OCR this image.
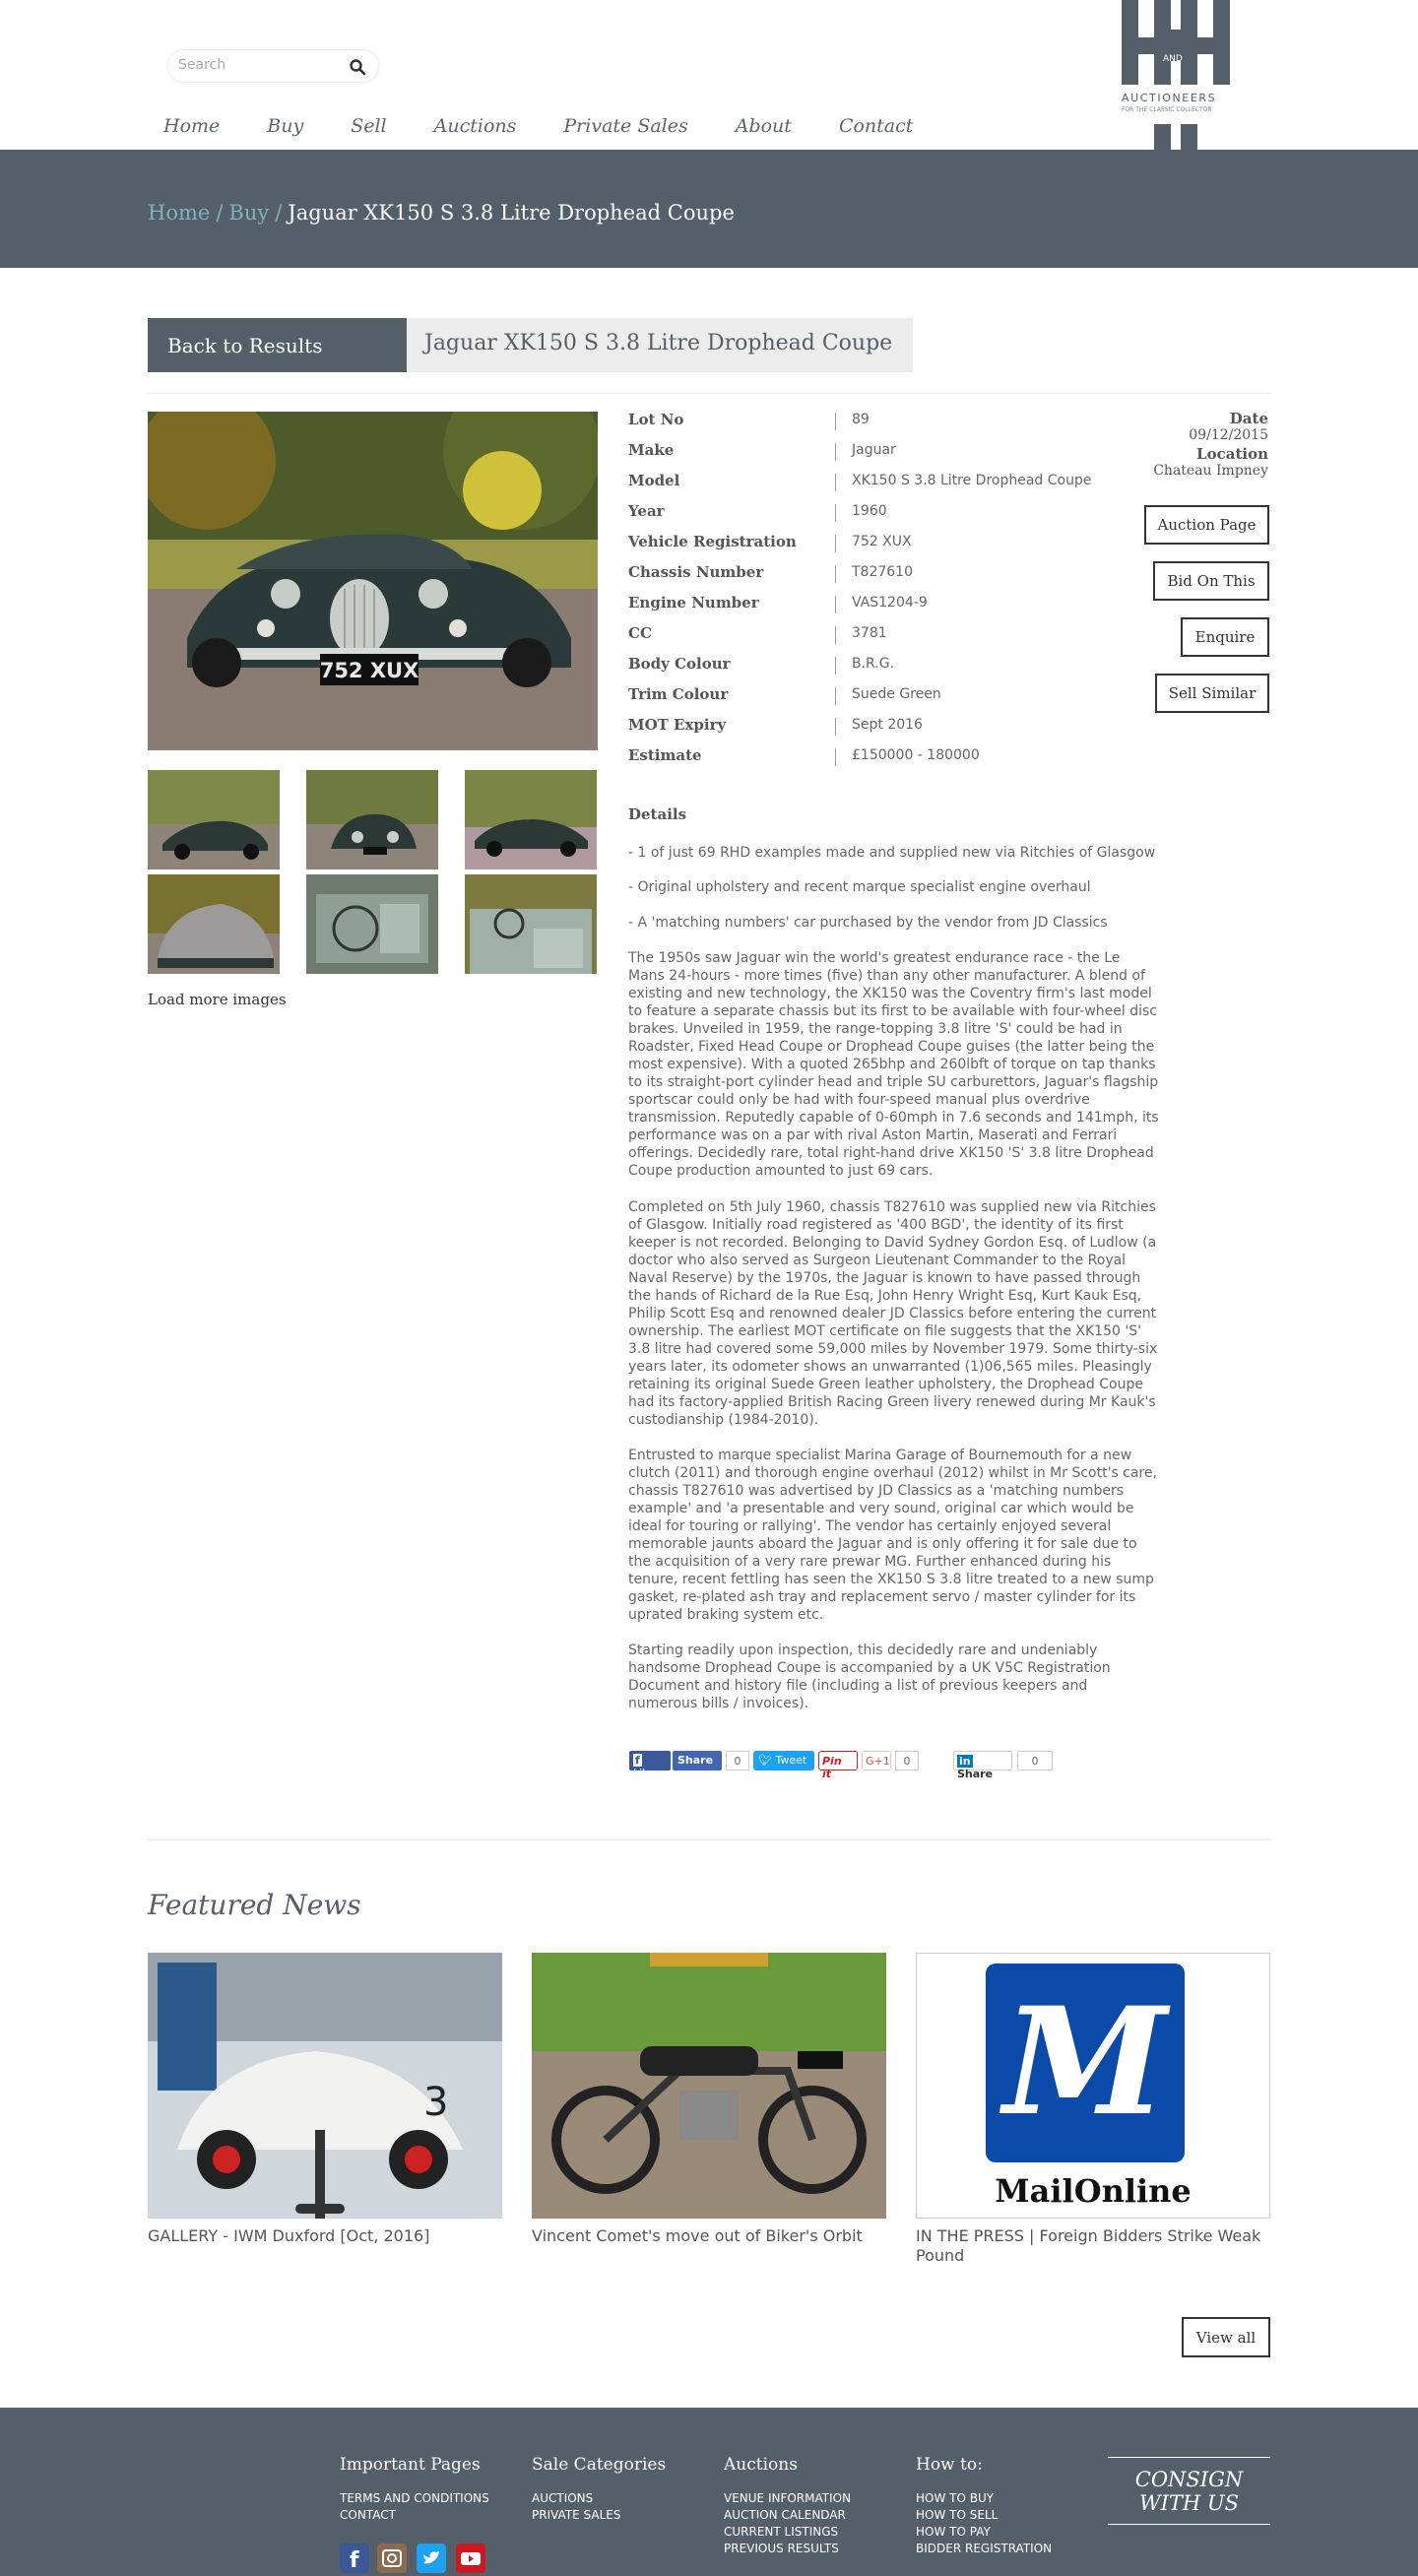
Search
AND
AUCTIONEERS
FOR THE CLASSIC COLLECTOR
Home	Buy	Sell	Auctions	Private Sales	About	Contact
Home / Buy / Jaguar XK150 S 3.8 Litre Drophead Coupe
Back to Results	Jaguar XK150 S 3.8 Litre Drophead Coupe
752 XUX
Load more images
Lot No	89
Make	Jaguar
Model	XK150 S 3.8 Litre Drophead Coupe
Year	1960
Vehicle Registration	752 XUX
Chassis Number	T827610
Engine Number	VAS1204-9
CC	3781
Body Colour	B.R.G.
Trim Colour	Suede Green
MOT Expiry	Sept 2016
Estimate	£150000 - 180000
Date
09/12/2015
Location
Chateau Impney
Auction Page
Bid On This
Enquire
Sell Similar
Details
- 1 of just 69 RHD examples made and supplied new via Ritchies of Glasgow
- Original upholstery and recent marque specialist engine overhaul
- A 'matching numbers' car purchased by the vendor from JD Classics
The 1950s saw Jaguar win the world's greatest endurance race - the Le Mans 24-hours - more times (five) than any other manufacturer. A blend of existing and new technology, the XK150 was the Coventry firm's last model to feature a separate chassis but its first to be available with four-wheel disc brakes. Unveiled in 1959, the range-topping 3.8 litre 'S' could be had in Roadster, Fixed Head Coupe or Drophead Coupe guises (the latter being the most expensive). With a quoted 265bhp and 260lbft of torque on tap thanks to its straight-port cylinder head and triple SU carburettors, Jaguar's flagship sportscar could only be had with four-speed manual plus overdrive transmission. Reputedly capable of 0-60mph in 7.6 seconds and 141mph, its performance was on a par with rival Aston Martin, Maserati and Ferrari offerings. Decidedly rare, total right-hand drive XK150 'S' 3.8 litre Drophead Coupe production amounted to just 69 cars.
Completed on 5th July 1960, chassis T827610 was supplied new via Ritchies of Glasgow. Initially road registered as '400 BGD', the identity of its first keeper is not recorded. Belonging to David Sydney Gordon Esq. of Ludlow (a doctor who also served as Surgeon Lieutenant Commander to the Royal Naval Reserve) by the 1970s, the Jaguar is known to have passed through the hands of Richard de la Rue Esq, John Henry Wright Esq, Kurt Kauk Esq, Philip Scott Esq and renowned dealer JD Classics before entering the current ownership. The earliest MOT certificate on file suggests that the XK150 'S' 3.8 litre had covered some 59,000 miles by November 1979. Some thirty-six years later, its odometer shows an unwarranted (1)06,565 miles. Pleasingly retaining its original Suede Green leather upholstery, the Drophead Coupe had its factory-applied British Racing Green livery renewed during Mr Kauk's custodianship (1984-2010).
Entrusted to marque specialist Marina Garage of Bournemouth for a new clutch (2011) and thorough engine overhaul (2012) whilst in Mr Scott's care, chassis T827610 was advertised by JD Classics as a 'matching numbers example' and 'a presentable and very sound, original car which would be ideal for touring or rallying'. The vendor has certainly enjoyed several memorable jaunts aboard the Jaguar and is only offering it for sale due to the acquisition of a very rare prewar MG. Further enhanced during his tenure, recent fettling has seen the XK150 S 3.8 litre treated to a new sump gasket, re-plated ash tray and replacement servo / master cylinder for its uprated braking system etc.
Starting readily upon inspection, this decidedly rare and undeniably handsome Drophead Coupe is accompanied by a UK V5C Registration Document and history file (including a list of previous keepers and numerous bills / invoices).
f Like
Share	0	🐦︎ Tweet	Pin it
G+1	0	in Share
0
Featured News
3	M
MailOnline
GALLERY - IWM Duxford [Oct, 2016]	Vincent Comet's move out of Biker's Orbit	IN THE PRESS | Foreign Bidders Strike Weak Pound
View all
Important Pages
TERMS AND CONDITIONS
CONTACT
Sale Categories
AUCTIONS
PRIVATE SALES
Auctions
VENUE INFORMATION
AUCTION CALENDAR
CURRENT LISTINGS
PREVIOUS RESULTS
How to:
HOW TO BUY
HOW TO SELL
HOW TO PAY
BIDDER REGISTRATION
CONSIGN WITH US
f
